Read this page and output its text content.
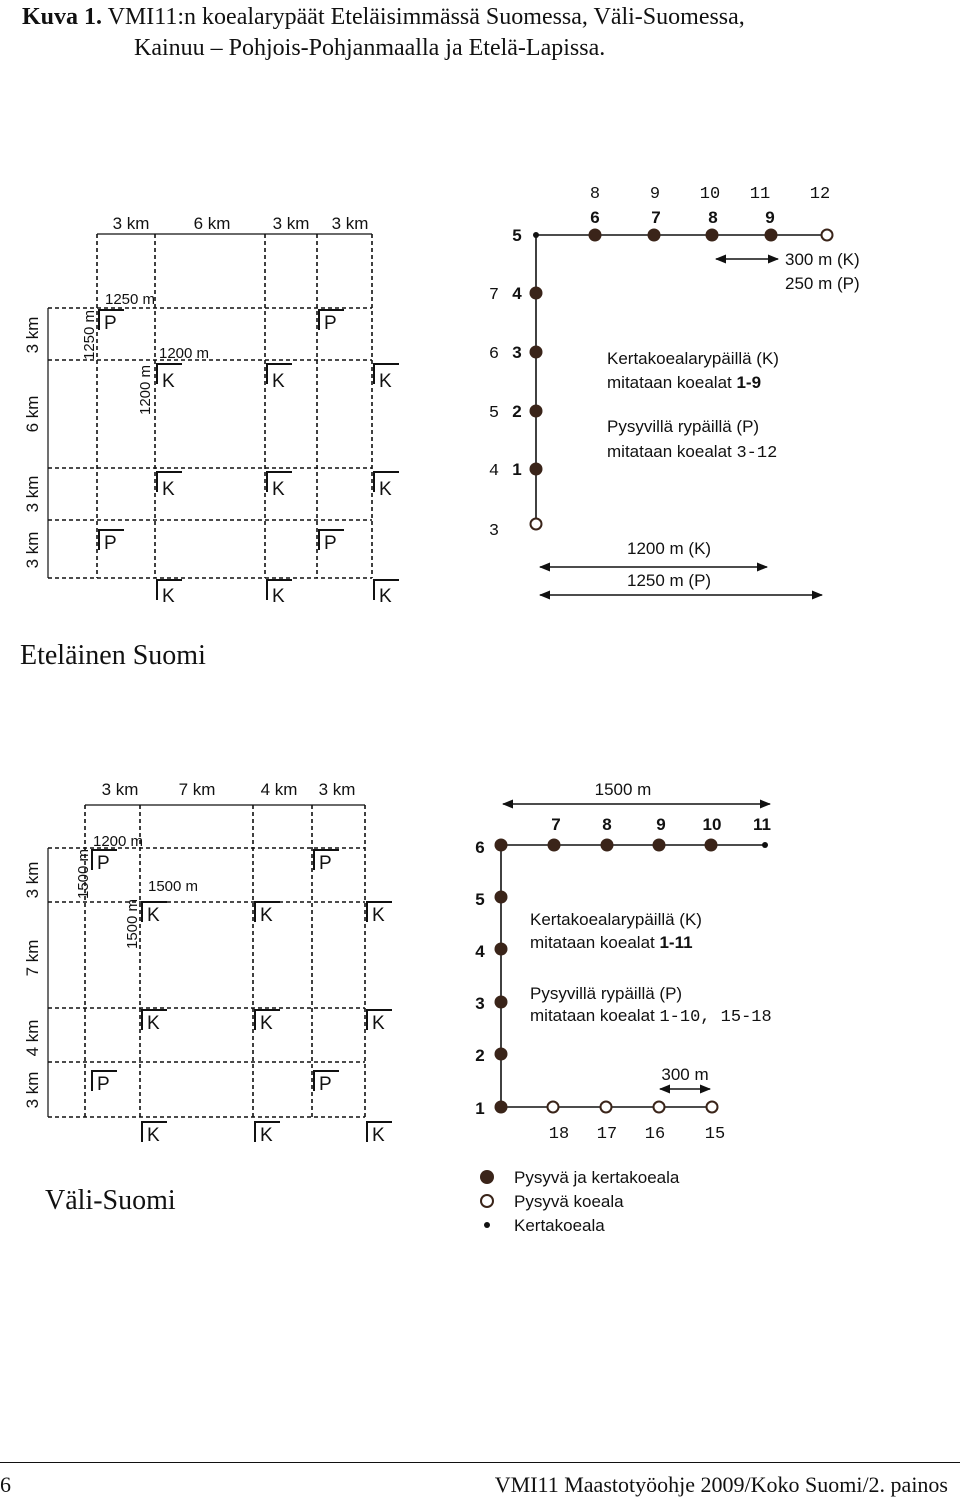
Kuva 1. VMI11:n koealarypäät Eteläisimmässä Suomessa, Väli-Suomessa,
Kainuu – Pohjois-Pohjanmaalla ja Etelä-Lapissa.
3 km	6 km 3 km 3 km
3 km
6 km
3 km
3 km
1250 m
1250 m	1200 m
1200 m
P	P
P	P
K	K	K
K	K	K
K	K	K
8	9 10 11 12
6	7	8	9
7
6
5
4
3
5
4
3
2
1
300 m (K)
250 m (P)
Kertakoealarypäillä (K)
mitataan koealat 1-9
Pysyvillä rypäillä (P)
mitataan koealat 3-12
1200 m (K)
1250 m (P)
Eteläinen Suomi
3 km 7 km	4 km 3 km
3 km
7 km
4 km
3 km
1200 m
1500 m	1500 m
1500 m
P	P
P	P
K	K	K
K	K	K
K	K	K
7 8	9 10 11
6
5
4
3
2
1
18 17 16 15
1500 m
Kertakoealarypäillä (K)
mitataan koealat 1-11
Pysyvillä rypäillä (P)
mitataan koealat 1-10, 15-18
300 m
Pysyvä ja kertakoeala
Pysyvä koeala
Kertakoeala
Väli-Suomi
6	VMI11 Maastotyöohje 2009/Koko Suomi/2. painos
